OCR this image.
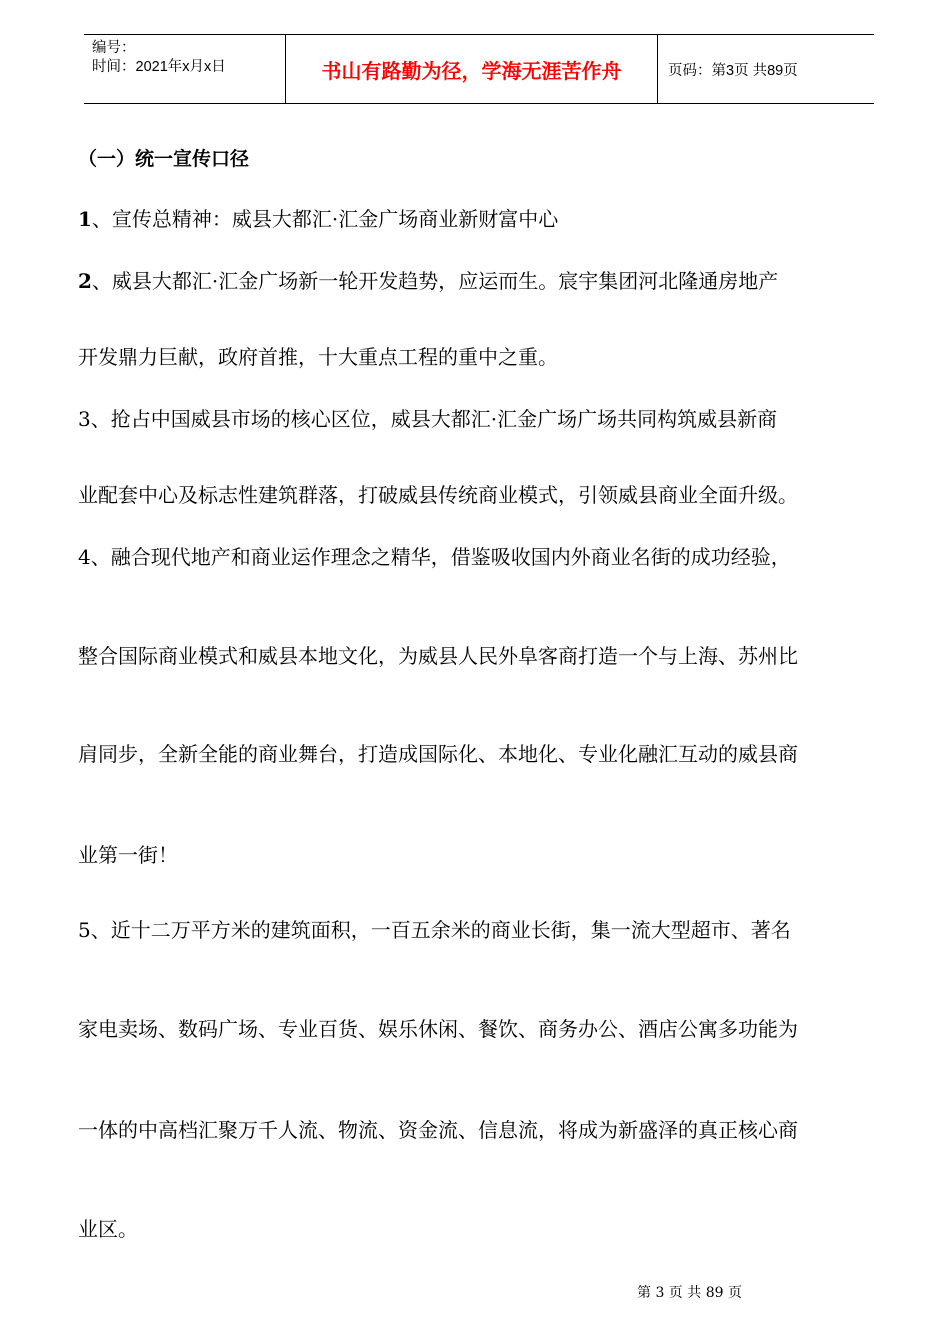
编号：
时间：2021年x月x日	书山有路勤为径，学海无涯苦作舟	页码：第3页 共89页
（一）统一宣传口径
1、宣传总精神：威县大都汇·汇金广场商业新财富中心
2、威县大都汇·汇金广场新一轮开发趋势，应运而生。宸宇集团河北隆通房地产
开发鼎力巨献，政府首推，十大重点工程的重中之重。
3、抢占中国威县市场的核心区位，威县大都汇·汇金广场广场共同构筑威县新商
业配套中心及标志性建筑群落，打破威县传统商业模式，引领威县商业全面升级。
4、融合现代地产和商业运作理念之精华，借鉴吸收国内外商业名街的成功经验，
整合国际商业模式和威县本地文化，为威县人民外阜客商打造一个与上海、苏州比
肩同步，全新全能的商业舞台，打造成国际化、本地化、专业化融汇互动的威县商
业第一街！
5、近十二万平方米的建筑面积，一百五余米的商业长街，集一流大型超市、著名
家电卖场、数码广场、专业百货、娱乐休闲、餐饮、商务办公、酒店公寓多功能为
一体的中高档汇聚万千人流、物流、资金流、信息流，将成为新盛泽的真正核心商
业区。
第 3 页 共 89 页
